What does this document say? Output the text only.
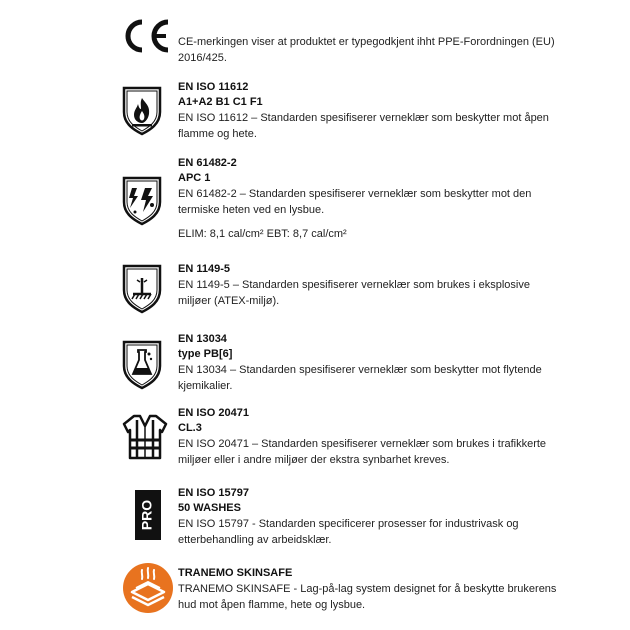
CE-merkingen viser at produktet er typegodkjent ihht PPE-Forordningen (EU) 2016/425.
EN ISO 11612
A1+A2 B1 C1 F1
EN ISO 11612 – Standarden spesifiserer verneklær som beskytter mot åpen flamme og hete.
EN 61482-2
APC 1
EN 61482-2 – Standarden spesifiserer verneklær som beskytter mot den termiske heten ved en lysbue.
ELIM: 8,1 cal/cm² EBT: 8,7 cal/cm²
EN 1149-5
EN 1149-5 – Standarden spesifiserer verneklær som brukes i eksplosive miljøer (ATEX-miljø).
EN 13034
type PB[6]
EN 13034 – Standarden spesifiserer verneklær som beskytter mot flytende kjemikalier.
EN ISO 20471
CL.3
EN ISO 20471 – Standarden spesifiserer verneklær som brukes i trafikkerte miljøer eller i andre miljøer der ekstra synbarhet kreves.
PRO
EN ISO 15797
50 WASHES
EN ISO 15797 - Standarden specificerer prosesser for industrivask og etterbehandling av arbeidsklær.
TRANEMO SKINSAFE
TRANEMO SKINSAFE - Lag-på-lag system designet for å beskytte brukerens hud mot åpen flamme, hete og lysbue.
